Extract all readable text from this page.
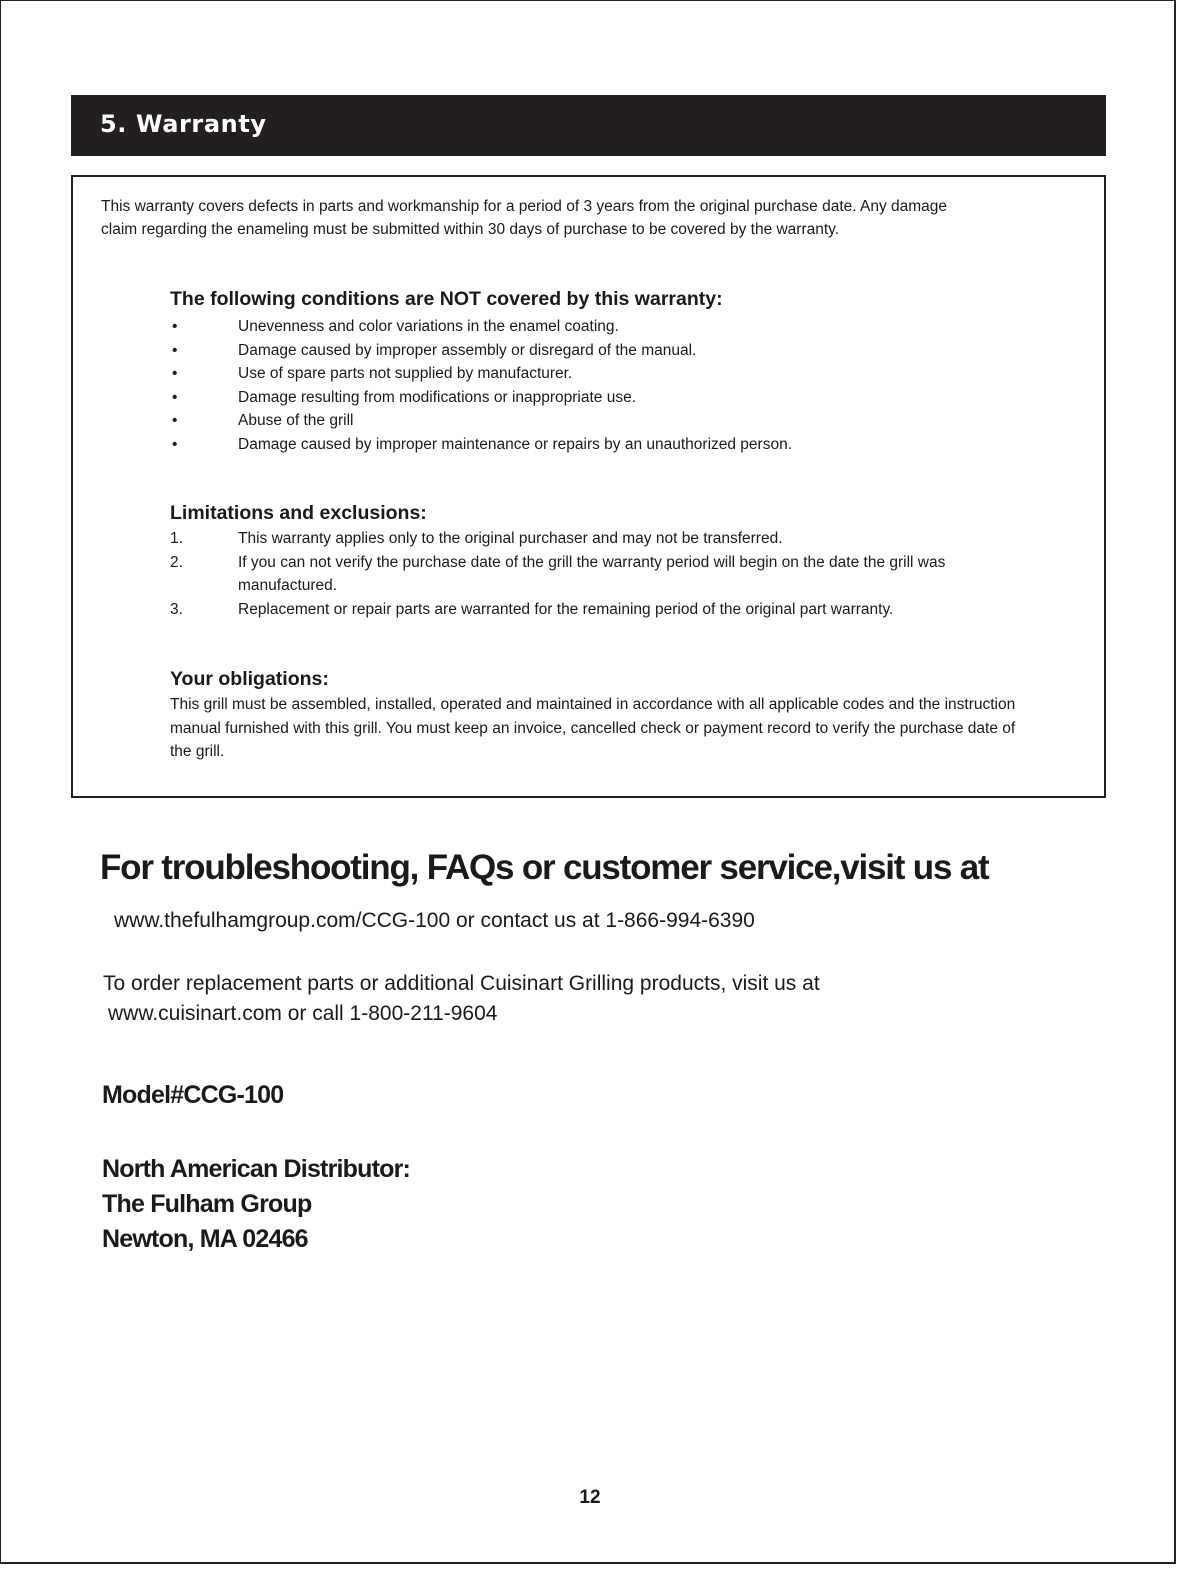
5. Warranty

This warranty covers defects in parts and workmanship for a period of 3 years from the original purchase date. Any damage claim regarding the enameling must be submitted within 30 days of purchase to be covered by the warranty.

The following conditions are NOT covered by this warranty:
•	Unevenness and color variations in the enamel coating.
•	Damage caused by improper assembly or disregard of the manual.
•	Use of spare parts not supplied by manufacturer.
•	Damage resulting from modifications or inappropriate use.
•	Abuse of the grill
•	Damage caused by improper maintenance or repairs by an unauthorized person.
Limitations and exclusions:
1.	This warranty applies only to the original purchaser and may not be transferred.
2.	If you can not verify the purchase date of the grill the warranty period will begin on the date the grill was manufactured.
3.	Replacement or repair parts are warranted for the remaining period of the original part warranty.
Your obligations:

This grill must be assembled, installed, operated and maintained in accordance with all applicable codes and the instruction manual furnished with this grill. You must keep an invoice, cancelled check or payment record to verify the purchase date of the grill.

For troubleshooting, FAQs or customer service,visit us at

www.thefulhamgroup.com/CCG-100 or contact us at 1-866-994-6390

To order replacement parts or additional Cuisinart Grilling products, visit us at
www.cuisinart.com or call 1-800-211-9604

Model#CCG-100

North American Distributor:
The Fulham Group
Newton, MA 02466

12
